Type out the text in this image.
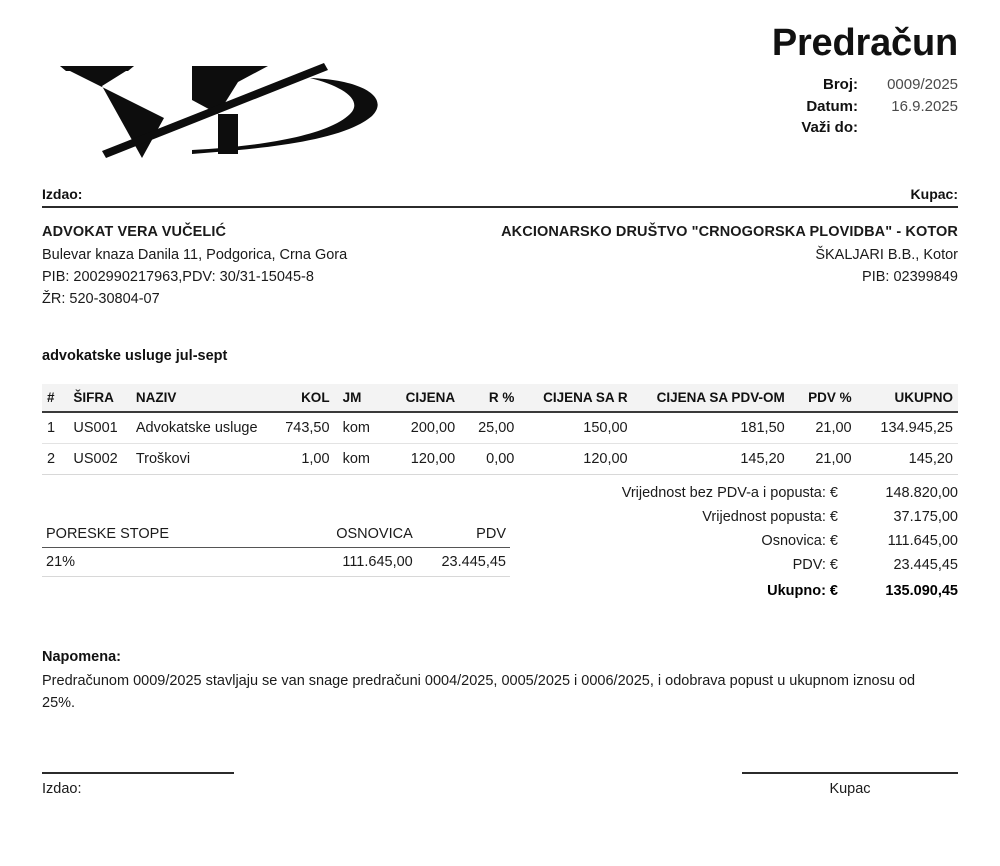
Predračun
Broj:	0009/2025
Datum:	16.9.2025
Važi do:
Izdao:	Kupac:
ADVOKAT VERA VUČELIĆ
Bulevar knaza Danila 11, Podgorica, Crna Gora
PIB: 2002990217963,PDV: 30/31-15045-8
ŽR: 520-30804-07
AKCIONARSKO DRUŠTVO "CRNOGORSKA PLOVIDBA" - KOTOR
ŠKALJARI B.B., Kotor
PIB: 02399849
advokatske usluge jul-sept
#	ŠIFRA	NAZIV	KOL	JM	CIJENA	R %	CIJENA SA R	CIJENA SA PDV-OM	PDV %	UKUPNO
1	US001	Advokatske usluge	743,50	kom	200,00	25,00	150,00	181,50	21,00	134.945,25
2	US002	Troškovi	1,00	kom	120,00	0,00	120,00	145,20	21,00	145,20
PORESKE STOPE	OSNOVICA	PDV
21%	111.645,00	23.445,45
Vrijednost bez PDV-a i popusta: €	148.820,00
Vrijednost popusta: €	37.175,00
Osnovica: €	111.645,00
PDV: €	23.445,45
Ukupno: €	135.090,45
Napomena:
Predračunom 0009/2025 stavljaju se van snage predračuni 0004/2025, 0005/2025 i 0006/2025, i odobrava popust u ukupnom iznosu od 25%.
Izdao:	Kupac
